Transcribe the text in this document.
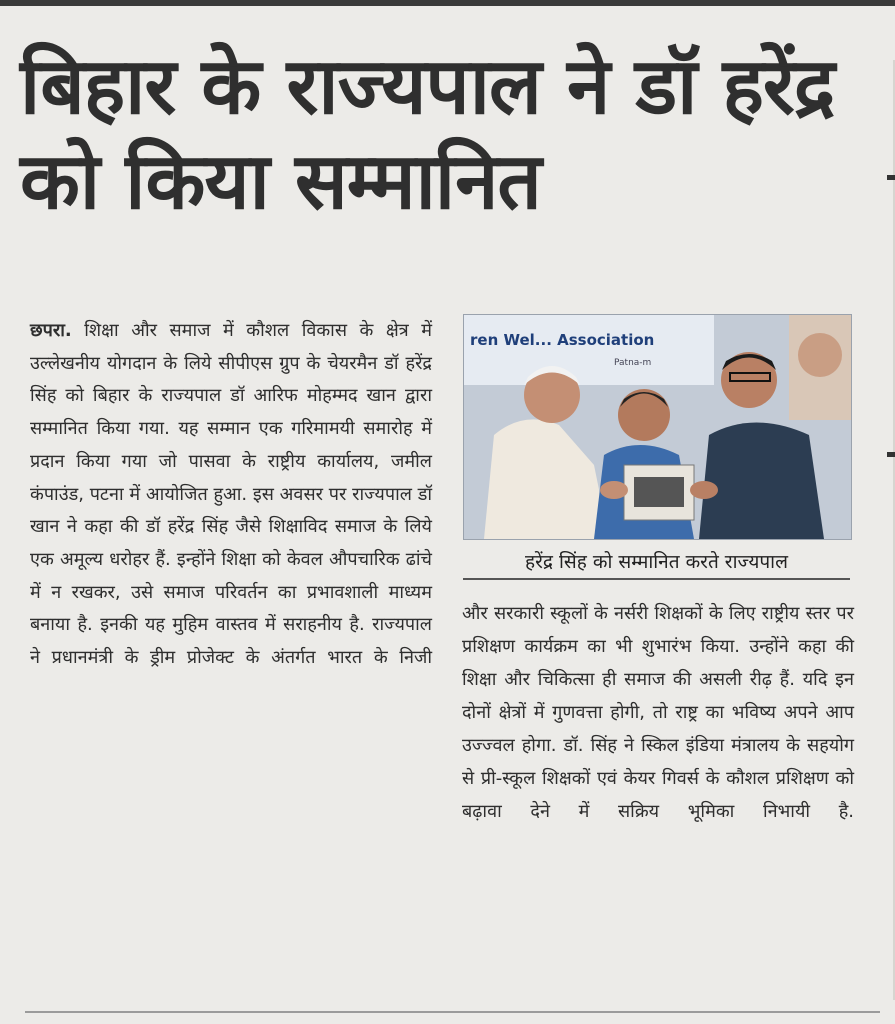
बिहार के राज्यपाल ने डॉ हरेंद्र को किया सम्मानित

छपरा. शिक्षा और समाज में कौशल विकास के क्षेत्र में उल्लेखनीय योगदान के लिये सीपीएस ग्रुप के चेयरमैन डॉ हरेंद्र सिंह को बिहार के राज्यपाल डॉ आरिफ मोहम्मद खान द्वारा सम्मानित किया गया. यह सम्मान एक गरिमामयी समारोह में प्रदान किया गया जो पासवा के राष्ट्रीय कार्यालय, जमील कंपाउंड, पटना में आयोजित हुआ. इस अवसर पर राज्यपाल डॉ खान ने कहा की डॉ हरेंद्र सिंह जैसे शिक्षाविद समाज के लिये एक अमूल्य धरोहर हैं. इन्होंने शिक्षा को केवल औपचारिक ढांचे में न रखकर, उसे समाज परिवर्तन का प्रभावशाली माध्यम बनाया है. इनकी यह मुहिम वास्तव में सराहनीय है. राज्यपाल ने प्रधानमंत्री के ड्रीम प्रोजेक्ट के अंतर्गत भारत के निजी

ren Wel... Association
Patna-m
हरेंद्र सिंह को सम्मानित करते राज्यपाल

और सरकारी स्कूलों के नर्सरी शिक्षकों के लिए राष्ट्रीय स्तर पर प्रशिक्षण कार्यक्रम का भी शुभारंभ किया. उन्होंने कहा की शिक्षा और चिकित्सा ही समाज की असली रीढ़ हैं. यदि इन दोनों क्षेत्रों में गुणवत्ता होगी, तो राष्ट्र का भविष्य अपने आप उज्ज्वल होगा. डॉ. सिंह ने स्किल इंडिया मंत्रालय के सहयोग से प्री-स्कूल शिक्षकों एवं केयर गिवर्स के कौशल प्रशिक्षण को बढ़ावा देने में सक्रिय भूमिका निभायी है.
